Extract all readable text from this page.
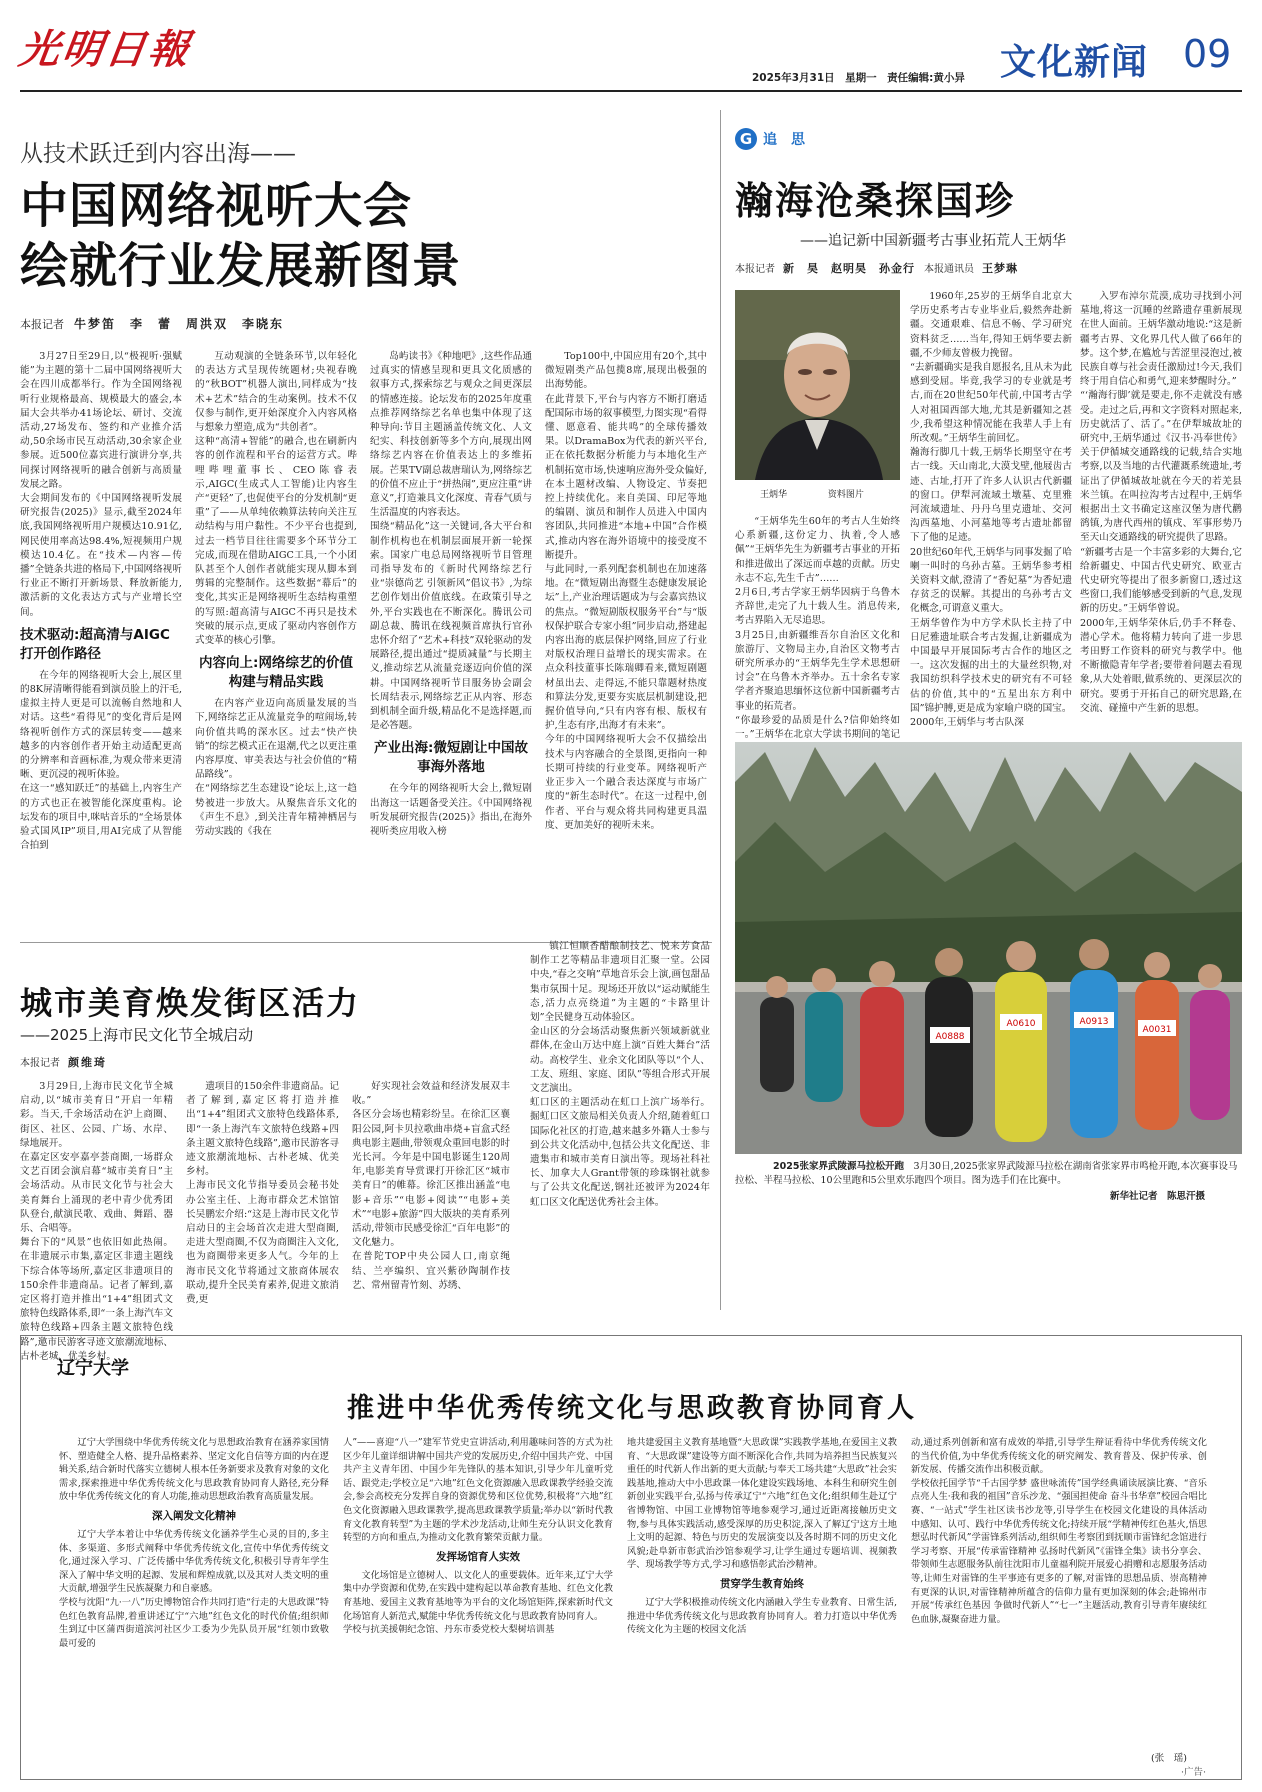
光明日報
2025年3月31日　星期一　责任编辑:黄小异 文化新闻 09
从技术跃迁到内容出海——
中国网络视听大会
绘就行业发展新图景
本报记者 牛梦笛　李　蕾　周洪双　李晓东
3月27日至29日,以“极视听·强赋能”为主题的第十二届中国网络视听大会在四川成都举行。作为全国网络视听行业规格最高、规模最大的盛会,本届大会共举办41场论坛、研讨、交流活动,27场发布、签约和产业推介活动,50余场市民互动活动,30余家企业参展。近500位嘉宾进行演讲分享,共同探讨网络视听的融合创新与高质量发展之路。
大会期间发布的《中国网络视听发展研究报告(2025)》显示,截至2024年底,我国网络视听用户规模达10.91亿,网民使用率高达98.4%,短视频用户规模达10.4亿。在“技术—内容—传播”全链条共进的格局下,中国网络视听行业正不断打开新场景、释放新能力,激活新的文化表达方式与产业增长空间。
技术驱动:超高清与AIGC打开创作路径
在今年的网络视听大会上,展区里的8K屏清晰得能看到演员脸上的汗毛,虚拟主持人更是可以流畅自然地和人对话。这些“看得见”的变化背后是网络视听创作方式的深层转变——越来越多的内容创作者开始主动适配更高的分辨率和音画标准,为观众带来更清晰、更沉浸的视听体验。
在这一“感知跃迁”的基础上,内容生产的方式也正在被智能化深度重构。论坛发布的项目中,咪咕音乐的“全场景体验式国风IP”项目,用AI完成了从智能合拍到
互动观演的全链条环节,以年轻化的表达方式呈现传统题材;央视春晚的“秋BOT”机器人演出,同样成为“技术+艺术”结合的生动案例。技术不仅仅参与制作,更开始深度介入内容风格与想象力塑造,成为“共创者”。
这种“高清+智能”的融合,也在刷新内容的创作流程和平台的运营方式。哔哩哔哩董事长、CEO陈睿表示,AIGC(生成式人工智能)让内容生产“更轻”了,也促使平台的分发机制“更重”了——从单纯依赖算法转向关注互动结构与用户黏性。不少平台也提到,过去一档节目往往需要多个环节分工完成,而现在借助AIGC工具,一个小团队甚至个人创作者就能实现从脚本到剪辑的完整制作。这些数据“幕后”的变化,其实正是网络视听生态结构重塑的写照:超高清与AIGC不再只是技术突破的展示点,更成了驱动内容创作方式变革的核心引擎。
内容向上:网络综艺的价值构建与精品实践
在内容产业迈向高质量发展的当下,网络综艺正从流量竞争的喧闹场,转向价值共鸣的深水区。过去“快产快销”的综艺模式正在退潮,代之以更注重内容厚度、审美表达与社会价值的“精品路线”。
在“网络综艺生态建设”论坛上,这一趋势被进一步放大。从聚焦音乐文化的《声生不息》,到关注青年精神栖居与劳动实践的《我在
岛屿读书》《种地吧》,这些作品通过真实的情感呈现和更具文化质感的叙事方式,探索综艺与观众之间更深层的情感连接。论坛发布的2025年度重点推荐网络综艺名单也集中体现了这种导向:节目主题涵盖传统文化、人文纪实、科技创新等多个方向,展现出网络综艺内容在价值表达上的多维拓展。芒果TV副总裁唐瑞认为,网络综艺的价值不应止于“拼热闹”,更应注重“讲意义”,打造兼具文化深度、青春气质与生活温度的内容表达。
围绕“精品化”这一关键词,各大平台和制作机构也在机制层面展开新一轮探索。国家广电总局网络视听节目管理司指导发布的《新时代网络综艺行业“崇德尚艺 引领新风”倡议书》,为综艺创作划出价值底线。在政策引导之外,平台实践也在不断深化。腾讯公司副总裁、腾讯在线视频首席执行官孙忠怀介绍了“艺术+科技”双轮驱动的发展路径,提出通过“提质减量”与长期主义,推动综艺从流量竞逐迈向价值的深耕。中国网络视听节目服务协会副会长周结表示,网络综艺正从内容、形态到机制全面升级,精品化不是选择题,而是必答题。
产业出海:微短剧让中国故事海外落地
在今年的网络视听大会上,微短剧出海这一话题备受关注。《中国网络视听发展研究报告(2025)》指出,在海外视听类应用收入榜
Top100中,中国应用有20个,其中微短剧类产品包揽8席,展现出极强的出海势能。
在此背景下,平台与内容方不断打磨适配国际市场的叙事模型,力图实现“看得懂、愿意看、能共鸣”的全球传播效果。以DramaBox为代表的新兴平台,正在依托数据分析能力与本地化生产机制拓宽市场,快速响应海外受众偏好,在本土题材改编、人物设定、节奏把控上持续优化。来自美国、印尼等地的编剧、演员和制作人员进入中国内容团队,共同推进“本地+中国”合作模式,推动内容在海外语境中的接受度不断提升。
与此同时,一系列配套机制也在加速落地。在“微短剧出海暨生态健康发展论坛”上,产业治理话题成为与会嘉宾热议的焦点。“微短剧版权服务平台”与“版权保护联合专家小组”同步启动,搭建起内容出海的底层保护网络,回应了行业对版权治理日益增长的现实需求。在点众科技董事长陈瑞卿看来,微短剧题材虽出去、走得远,不能只靠题材热度和算法分发,更要夯实底层机制建设,把握价值导向,“只有内容有根、版权有护,生态有序,出海才有未来”。
今年的中国网络视听大会不仅描绘出技术与内容融合的全景图,更指向一种长期可持续的行业变革。网络视听产业正步入一个融合表达深度与市场广度的“新生态时代”。在这一过程中,创作者、平台与观众将共同构建更具温度、更加美好的视听未来。
G 追　思
瀚海沧桑探国珍
——追记新中国新疆考古事业拓荒人王炳华
本报记者 新　昊　赵明昊　孙金行 本报通讯员 王梦琳
王炳华	资料图片
“王炳华先生60年的考古人生始终心系新疆,这份定力、执着,令人感佩”“王炳华先生为新疆考古事业的开拓和推进做出了深远而卓越的贡献。历史永志不忘,先生千古”……
2月6日,考古学家王炳华因病于乌鲁木齐辞世,走完了九十载人生。消息传来,考古界陷入无尽追思。
3月25日,由新疆维吾尔自治区文化和旅游厅、文物局主办,自治区文物考古研究所承办的“王炳华先生学术思想研讨会”在乌鲁木齐举办。五十余名专家学者齐聚追思缅怀这位新中国新疆考古事业的拓荒者。
“你最珍爱的品质是什么?信仰始终如一。”王炳华在北京大学读书期间的笔记

1960年,25岁的王炳华自北京大学历史系考古专业毕业后,毅然奔赴新疆。交通艰难、信息不畅、学习研究资料贫乏……当年,得知王炳华要去新疆,不少师友曾极力挽留。
“去新疆确实是我自愿报名,且从未为此感到受屈。毕竟,我学习的专业就是考古,而在20世纪50年代前,中国考古学人对祖国西部大地,尤其是新疆知之甚少,我希望这种情况能在我辈人手上有所改观。”王炳华生前回忆。
瀚海行脚几十载,王炳华长期坚守在考古一线。天山南北,大漠戈壁,他屐齿古迹、古址,打开了许多人认识古代新疆的窗口。伊犁河流域土墩墓、克里雅河流域遗址、丹丹乌里克遗址、交河沟西墓地、小河墓地等考古遗址都留下了他的足迹。
20世纪60年代,王炳华与同事发掘了哈喇一叫时的乌孙古墓。王炳华参考相关资料文献,澄清了“香妃墓”为香妃遗存贫乏的误解。其提出的乌孙考古文化概念,可谓意义重大。
王炳华曾作为中方学术队长主持了中日尼雅遗址联合考古发掘,让新疆成为中国最早开展国际考古合作的地区之一。这次发掘的出土的大量丝织物,对我国纺织科学技术史的研究有不可轻估的价值,其中的“五星出东方利中国”锦护膊,更是成为家喻户晓的国宝。
2000年,王炳华与考古队深
入罗布淖尔荒漠,成功寻找到小河墓地,将这一沉睡的丝路遗存重新展现在世人面前。王炳华激动地说:“这是新疆考古界、文化界几代人做了66年的梦。这个梦,在尴尬与苦涩里浸泡过,被民族自尊与社会责任激励过!今天,我们终于用自信心和勇气,迎来梦醒时分。”
“‘瀚海行脚’就是要走,你不走就没有感受。走过之后,再和文字资料对照起来,历史就活了、活了。”在伊犁城故址的研究中,王炳华通过《汉书·冯奉世传》关于伊循城交通路线的记载,结合实地考察,以及当地的古代灌溉系统遗址,考证出了伊循城故址就在今天的若羌县米兰镇。在叫拉沟考古过程中,王炳华根据出土文书确定这座汉堡为唐代鹳鹆镇,为唐代西州的镇戍、军事形势乃至天山交通路线的研究提供了思路。
“新疆考古是一个丰富多彩的大舞台,它给新疆史、中国古代史研究、欧亚古代史研究等提出了很多新窗口,透过这些窗口,我们能够感受到新的气息,发现新的历史。”王炳华曾说。
2000年,王炳华荣休后,仍手不释卷、潜心学术。他将精力转向了进一步思考田野工作资料的研究与教学中。他不断撤隐青年学者;要带着问题去看现象,从大处着眼,做系统的、更深层次的研究。要勇于开拓自己的研究思路,在交流、碰撞中产生新的思想。
A0888
A0610	A0913
A0031
2025张家界武陵源马拉松开跑　 3月30日,2025张家界武陵源马拉松在湖南省张家界市鸣枪开跑,本次赛事设马拉松、半程马拉松、10公里跑和5公里欢乐跑四个项目。图为选手们在比赛中。
新华社记者　陈思汗摄
城市美育焕发街区活力
——2025上海市民文化节全城启动
本报记者 颜维琦
3月29日,上海市民文化节全城启动,以“城市美育日”开启一年精彩。当天,千余场活动在沪上商圈、街区、社区、公园、广场、水岸、绿地展开。
在嘉定区安亭嘉亭荟商圈,一场群众文艺百团会演启幕“城市美育日”主会场活动。从市民文化节与社会大美育舞台上涌现的老中青少优秀团队登台,献演民歌、戏曲、舞蹈、器乐、合唱等。
舞台下的“风景”也依旧如此热闹。在非遗展示市集,嘉定区非遗主题线下综合体等场所,嘉定区非遗项目的150余件非遗商品。记者了解到,嘉定区将打造并推出“1+4”组团式文旅特色线路体系,即“一条上海汽车文旅特色线路+四条主题文旅特色线路”,邀市民游客寻迹文旅潮流地标、古朴老城、优美乡村。
遗项目的150余件非遗商品。记者了解到,嘉定区将打造并推出“1+4”组团式文旅特色线路体系,即“一条上海汽车文旅特色线路+四条主题文旅特色线路”,邀市民游客寻迹文旅潮流地标、古朴老城、优美乡村。
上海市民文化节指导委员会秘书处办公室主任、上海市群众艺术馆馆长吴鹏宏介绍:“这是上海市民文化节启动日的主会场首次走进大型商圈,走进大型商圈,不仅为商圈注入文化,也为商圈带来更多人气。今年的上海市民文化节将通过文旅商体展农联动,提升全民美育素养,促进文旅消费,更
好实现社会效益和经济发展双丰收。”
各区分会场也精彩纷呈。在徐汇区襄阳公园,阿卡贝拉歌曲串烧+盲盒式经典电影主题曲,带领观众重回电影的时光长河。今年是中国电影诞生120周年,电影美育导赏课打开徐汇区“城市美育日”的帷幕。徐汇区推出涵盖“电影+音乐”“电影+阅读”“电影+美术”“电影+旅游”四大版块的美育系列活动,带领市民感受徐汇“百年电影”的文化魅力。
在普陀TOP中央公园人口,南京绳结、兰亭编织、宜兴紫砂陶制作技艺、常州留青竹刻、苏绣、
镇江恒顺香醋酿制技艺、悦来芳食品制作工艺等精品非遗项目汇聚一堂。公园中央,“春之交响”草地音乐会上演,画包甜品集市氛围十足。现场还开放以“运动赋能生态,活力点亮绕道”为主题的“卡路里计划”全民健身互动体验区。
金山区的分会场活动聚焦新兴领域新就业群体,在金山万达中庭上演“百姓大舞台”活动。高校学生、业余文化团队等以“个人、工友、班组、家庭、团队”等组合形式开展文艺演出。
虹口区的主题活动在虹口上滨广场举行。掘虹口区文旅局相关负责人介绍,随着虹口国际化社区的打造,越来越多外籍人士参与到公共文化活动中,包括公共文化配送、非遗集市和城市美育日演出等。现场社科社长、加拿大人Grant带领的珍珠钢社就参与了公共文化配送,钢社还被评为2024年虹口区文化配送优秀社会主体。
辽宁大学
推进中华优秀传统文化与思政教育协同育人
辽宁大学围绕中华优秀传统文化与思想政治教育在涵养家国情怀、塑造健全人格、提升品格素养、坚定文化自信等方面的内在逻辑关系,结合新时代落实立德树人根本任务新要求及教育对象的文化需求,探索推进中华优秀传统文化与思政教育协同育人路径,充分释放中华优秀传统文化的育人功能,推动思想政治教育高质量发展。
深入阐发文化精神
辽宁大学本着让中华优秀传统文化涵养学生心灵的目的,多主体、多渠道、多形式阐释中华优秀传统文化,宣传中华优秀传统文化,通过深入学习、广泛传播中华优秀传统文化,积极引导青年学生深入了解中华文明的起源、发展和辉煌成就,以及其对人类文明的重大贡献,增强学生民族凝聚力和自豪感。
学校与沈阳“九·一八”历史博物馆合作共同打造“行走的大思政课”特色红色教育品牌,着重讲述辽宁“六地”红色文化的时代价值;组织师生到辽中区蒲西街道滨河社区少工委为少先队员开展“红领巾致敬最可爱的
人”——喜迎“八一”建军节党史宣讲活动,利用趣味问答的方式为社区少年儿童详细讲解中国共产党的发展历史,介绍中国共产党、中国共产主义青年团、中国少年先锋队的基本知识,引导少年儿童听党话、跟党走;学校立足“六地”红色文化资源融入思政课教学经验交流会,参会高校充分发挥自身的资源优势和区位优势,积极将“六地”红色文化资源融入思政课教学,提高思政课教学质量;举办以“新时代教育文化教育转型”为主题的学术沙龙活动,让师生充分认识文化教育转型的方向和重点,为推动文化教育繁荣贡献力量。
发挥场馆育人实效
文化场馆是立德树人、以文化人的重要载体。近年来,辽宁大学集中办学资源和优势,在实践中建构起以革命教育基地、红色文化教育基地、爱国主义教育基地等为平台的文化场馆矩阵,探索新时代文化场馆育人新范式,赋能中华优秀传统文化与思政教育协同育人。
学校与抗美援朝纪念馆、丹东市委党校大梨树培训基
地共建爱国主义教育基地暨“大思政课”实践教学基地,在爱国主义教育、“大思政课”建设等方面不断深化合作,共同为培养担当民族复兴重任的时代新人作出新的更大贡献;与奉天工场共建“大思政”社会实践基地,推动大中小思政课一体化建设实践场地、本科生和研究生创新创业实践平台,弘扬与传承辽宁“六地”红色文化;组织师生赴辽宁省博物馆、中国工业博物馆等地参观学习,通过近距离接触历史文物,参与具体实践活动,感受深厚的历史积淀,深入了解辽宁这方土地上文明的起源、特色与历史的发展演变以及各时期不同的历史文化风貌;赴阜新市彰武治沙馆参观学习,让学生通过专题培训、视频教学、现场教学等方式,学习和感悟彰武治沙精神。
贯穿学生教育始终
辽宁大学积极推动传统文化内涵融入学生专业教育、日常生活,推进中华优秀传统文化与思政教育协同育人。着力打造以中华优秀传统文化为主题的校园文化活
动,通过系列创新和富有成效的举措,引导学生辩证看待中华优秀传统文化的当代价值,为中华优秀传统文化的研究阐发、教育普及、保护传承、创新发展、传播交流作出积极贡献。
学校依托国学节“千古国学梦 盛世咏流传”国学经典诵读展演比赛、“音乐点亮人生·我和我的祖国”音乐沙龙、“强国担使命 奋斗书华章”校园合唱比赛、“一站式”学生社区读书沙龙等,引导学生在校园文化建设的具体活动中感知、认可、践行中华优秀传统文化;持续开展“学精神传红色基火,悟思想弘时代新风”学雷锋系列活动,组织师生考察团到抚顺市雷锋纪念馆进行学习考察、开展“传承雷锋精神 弘扬时代新风”《雷锋全集》读书分享会、带领师生志愿服务队前往沈阳市儿童福利院开展爱心捐赠和志愿服务活动等,让师生对雷锋的生平事迹有更多的了解,对雷锋的思想品质、崇高精神有更深的认识,对雷锋精神所蕴含的信仰力量有更加深刻的体会;赴锦州市开展“传承红色基因 争做时代新人”“七一”主题活动,教育引导青年赓续红色血脉,凝聚奋进力量。
(张　瑶)
·广告·
